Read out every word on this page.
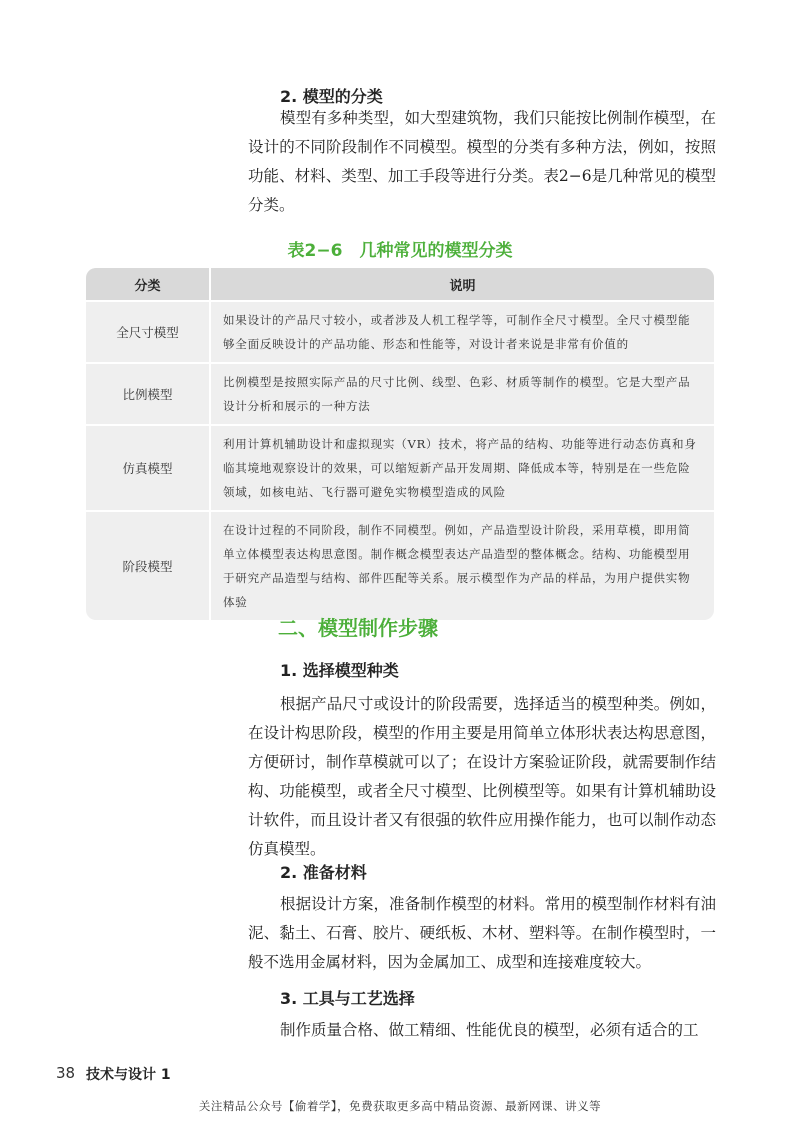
2. 模型的分类

模型有多种类型，如大型建筑物，我们只能按比例制作模型，在设计的不同阶段制作不同模型。模型的分类有多种方法，例如，按照功能、材料、类型、加工手段等进行分类。表2−6是几种常见的模型分类。

表2−6　几种常见的模型分类
分类	说明
全尺寸模型	如果设计的产品尺寸较小，或者涉及人机工程学等，可制作全尺寸模型。全尺寸模型能够全面反映设计的产品功能、形态和性能等，对设计者来说是非常有价值的
比例模型	比例模型是按照实际产品的尺寸比例、线型、色彩、材质等制作的模型。它是大型产品设计分析和展示的一种方法
仿真模型	利用计算机辅助设计和虚拟现实（VR）技术，将产品的结构、功能等进行动态仿真和身临其境地观察设计的效果，可以缩短新产品开发周期、降低成本等，特别是在一些危险领域，如核电站、飞行器可避免实物模型造成的风险
阶段模型	在设计过程的不同阶段，制作不同模型。例如，产品造型设计阶段，采用草模，即用简单立体模型表达构思意图。制作概念模型表达产品造型的整体概念。结构、功能模型用于研究产品造型与结构、部件匹配等关系。展示模型作为产品的样品，为用户提供实物体验
二、模型制作步骤
1. 选择模型种类

根据产品尺寸或设计的阶段需要，选择适当的模型种类。例如，在设计构思阶段，模型的作用主要是用简单立体形状表达构思意图，方便研讨，制作草模就可以了；在设计方案验证阶段，就需要制作结构、功能模型，或者全尺寸模型、比例模型等。如果有计算机辅助设计软件，而且设计者又有很强的软件应用操作能力，也可以制作动态仿真模型。

2. 准备材料

根据设计方案，准备制作模型的材料。常用的模型制作材料有油泥、黏土、石膏、胶片、硬纸板、木材、塑料等。在制作模型时，一般不选用金属材料，因为金属加工、成型和连接难度较大。

3. 工具与工艺选择

制作质量合格、做工精细、性能优良的模型，必须有适合的工

38 技术与设计 1
关注精品公众号【偷着学】，免费获取更多高中精品资源、最新网课、讲义等
